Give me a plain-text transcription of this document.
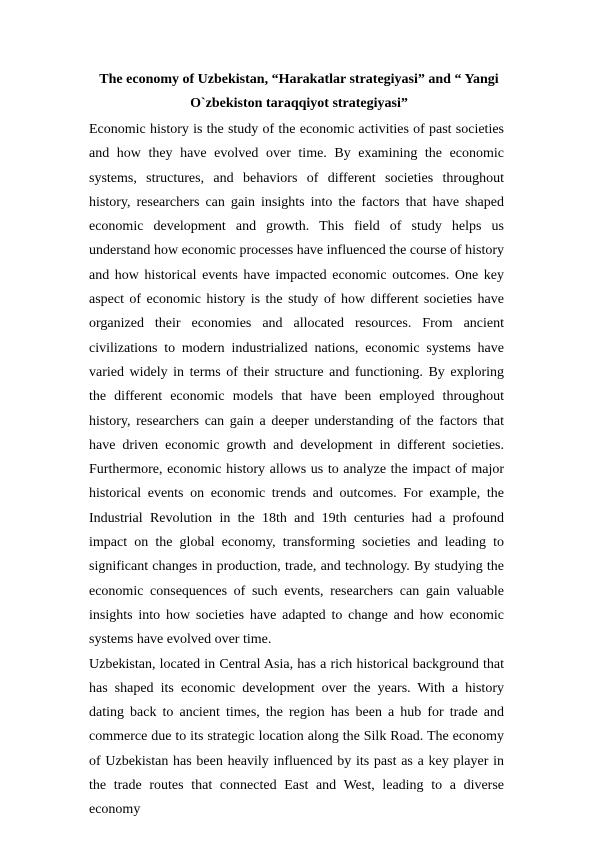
The economy of Uzbekistan, “Harakatlar strategiyasi” and “ Yangi O`zbekiston taraqqiyot strategiyasi”

Economic history is the study of the economic activities of past societies and how they have evolved over time. By examining the economic systems, structures, and behaviors of different societies throughout history, researchers can gain insights into the factors that have shaped economic development and growth. This field of study helps us understand how economic processes have influenced the course of history and how historical events have impacted economic outcomes. One key aspect of economic history is the study of how different societies have organized their economies and allocated resources. From ancient civilizations to modern industrialized nations, economic systems have varied widely in terms of their structure and functioning. By exploring the different economic models that have been employed throughout history, researchers can gain a deeper understanding of the factors that have driven economic growth and development in different societies. Furthermore, economic history allows us to analyze the impact of major historical events on economic trends and outcomes. For example, the Industrial Revolution in the 18th and 19th centuries had a profound impact on the global economy, transforming societies and leading to significant changes in production, trade, and technology. By studying the economic consequences of such events, researchers can gain valuable insights into how societies have adapted to change and how economic systems have evolved over time.

Uzbekistan, located in Central Asia, has a rich historical background that has shaped its economic development over the years. With a history dating back to ancient times, the region has been a hub for trade and commerce due to its strategic location along the Silk Road. The economy of Uzbekistan has been heavily influenced by its past as a key player in the trade routes that connected East and West, leading to a diverse economy
